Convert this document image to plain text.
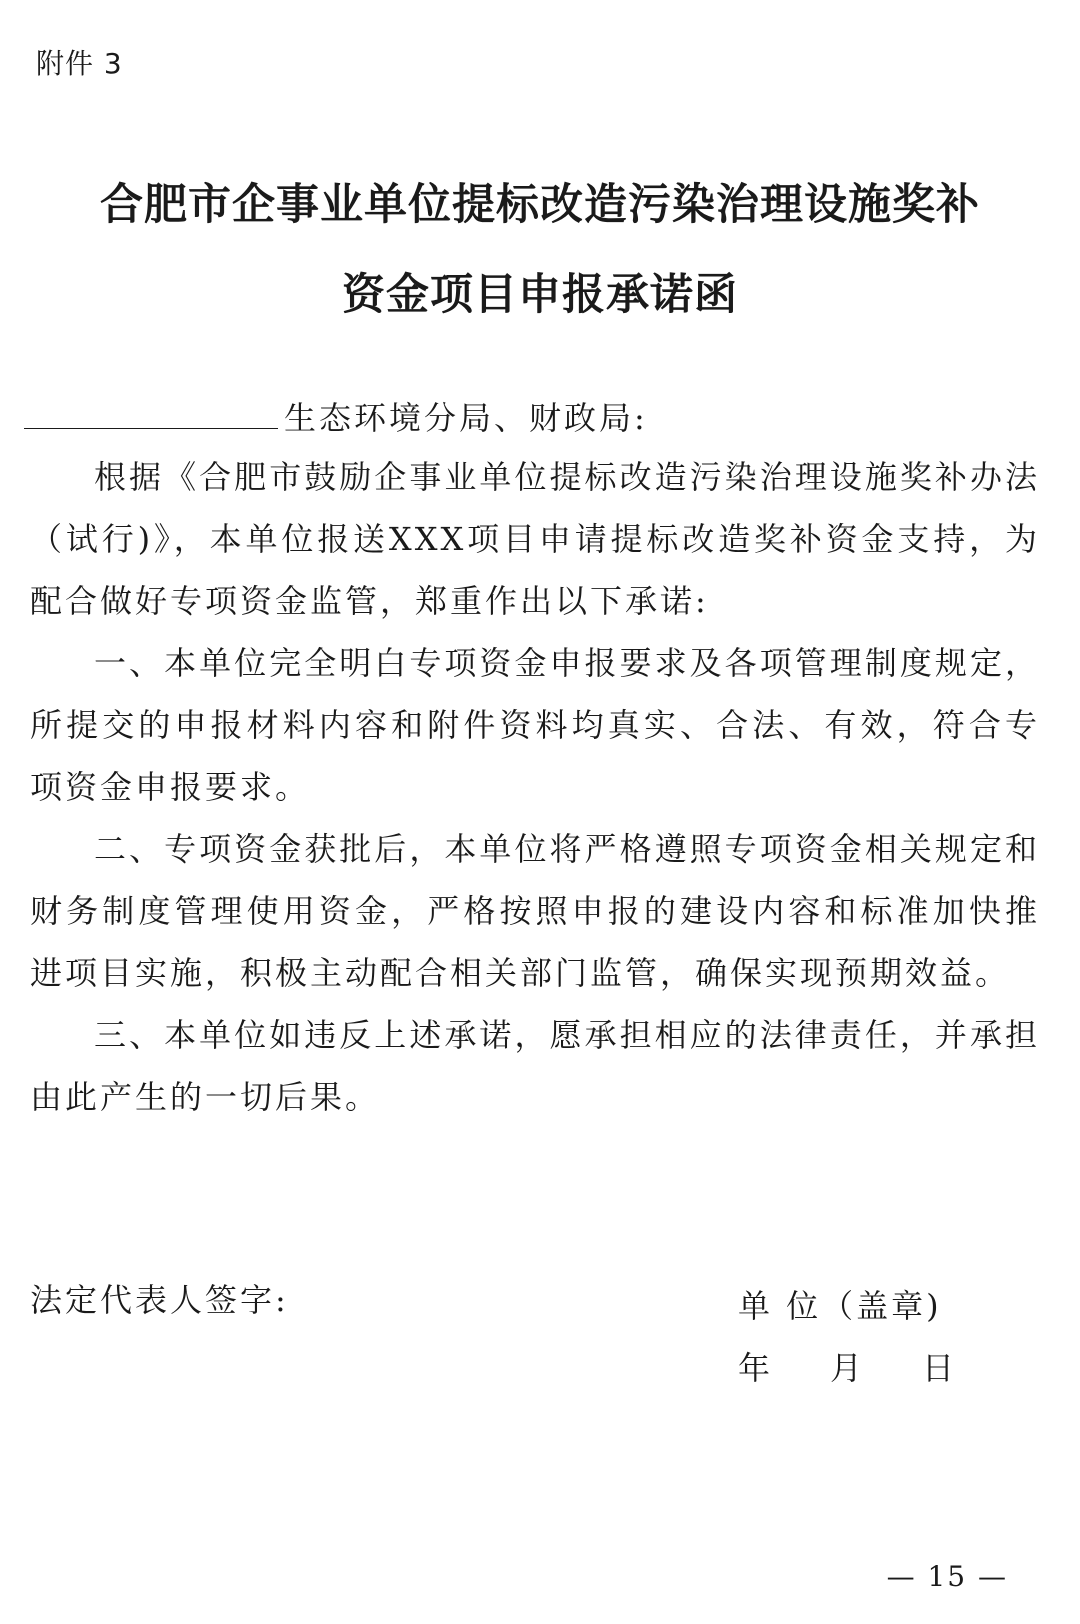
附件 3
合肥市企事业单位提标改造污染治理设施奖补
资金项目申报承诺函
生态环境分局、财政局:

根据《合肥市鼓励企事业单位提标改造污染治理设施奖补办法（试行)》，本单位报送XXX项目申请提标改造奖补资金支持，为配合做好专项资金监管，郑重作出以下承诺:

一、本单位完全明白专项资金申报要求及各项管理制度规定，所提交的申报材料内容和附件资料均真实、合法、有效，符合专项资金申报要求。

二、专项资金获批后，本单位将严格遵照专项资金相关规定和财务制度管理使用资金，严格按照申报的建设内容和标准加快推进项目实施，积极主动配合相关部门监管，确保实现预期效益。

三、本单位如违反上述承诺，愿承担相应的法律责任，并承担由此产生的一切后果。

法定代表人签字:	单 位（盖章)
年 月 日
— 15 —
